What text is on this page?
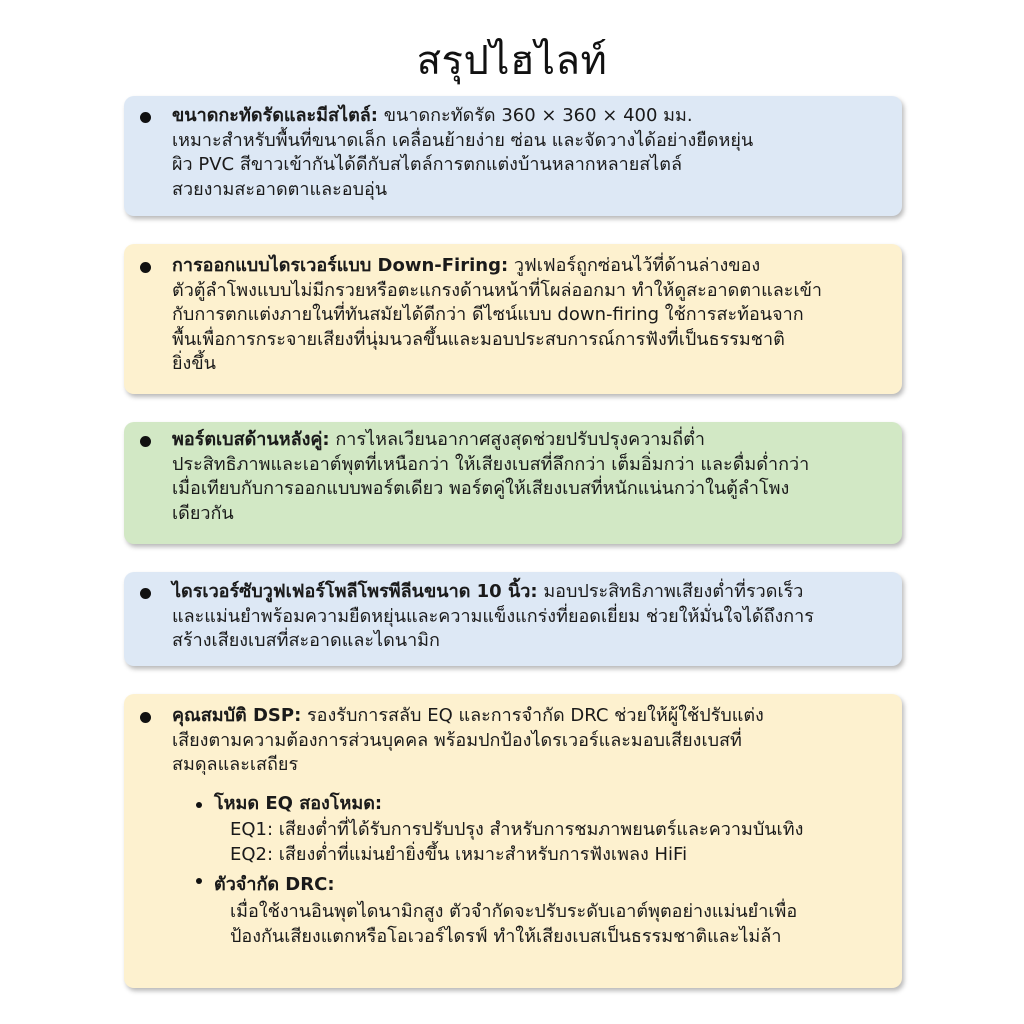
สรุปไฮไลท์
ขนาดกะทัดรัดและมีสไตล์: ขนาดกะทัดรัด 360 × 360 × 400 มม.
เหมาะสำหรับพื้นที่ขนาดเล็ก เคลื่อนย้ายง่าย ซ่อน และจัดวางได้อย่างยืดหยุ่น
ผิว PVC สีขาวเข้ากันได้ดีกับสไตล์การตกแต่งบ้านหลากหลายสไตล์
สวยงามสะอาดตาและอบอุ่น
การออกแบบไดรเวอร์แบบ Down-Firing: วูฟเฟอร์ถูกซ่อนไว้ที่ด้านล่างของ
ตัวตู้ลำโพงแบบไม่มีกรวยหรือตะแกรงด้านหน้าที่โผล่ออกมา ทำให้ดูสะอาดตาและเข้า
กับการตกแต่งภายในที่ทันสมัยได้ดีกว่า ดีไซน์แบบ down-firing ใช้การสะท้อนจาก
พื้นเพื่อการกระจายเสียงที่นุ่มนวลขึ้นและมอบประสบการณ์การฟังที่เป็นธรรมชาติ
ยิ่งขึ้น
พอร์ตเบสด้านหลังคู่: การไหลเวียนอากาศสูงสุดช่วยปรับปรุงความถี่ต่ำ
ประสิทธิภาพและเอาต์พุตที่เหนือกว่า ให้เสียงเบสที่ลึกกว่า เต็มอิ่มกว่า และดื่มด่ำกว่า
เมื่อเทียบกับการออกแบบพอร์ตเดียว พอร์ตคู่ให้เสียงเบสที่หนักแน่นกว่าในตู้ลำโพง
เดียวกัน
ไดรเวอร์ซับวูฟเฟอร์โพลีโพรพีลีนขนาด 10 นิ้ว: มอบประสิทธิภาพเสียงต่ำที่รวดเร็ว
และแม่นยำพร้อมความยืดหยุ่นและความแข็งแกร่งที่ยอดเยี่ยม ช่วยให้มั่นใจได้ถึงการ
สร้างเสียงเบสที่สะอาดและไดนามิก
คุณสมบัติ DSP: รองรับการสลับ EQ และการจำกัด DRC ช่วยให้ผู้ใช้ปรับแต่ง
เสียงตามความต้องการส่วนบุคคล พร้อมปกป้องไดรเวอร์และมอบเสียงเบสที่
สมดุลและเสถียร
โหมด EQ สองโหมด:
EQ1: เสียงต่ำที่ได้รับการปรับปรุง สำหรับการชมภาพยนตร์และความบันเทิง
EQ2: เสียงต่ำที่แม่นยำยิ่งขึ้น เหมาะสำหรับการฟังเพลง HiFi
ตัวจำกัด DRC:
เมื่อใช้งานอินพุตไดนามิกสูง ตัวจำกัดจะปรับระดับเอาต์พุตอย่างแม่นยำเพื่อ
ป้องกันเสียงแตกหรือโอเวอร์ไดรฟ์ ทำให้เสียงเบสเป็นธรรมชาติและไม่ล้า
